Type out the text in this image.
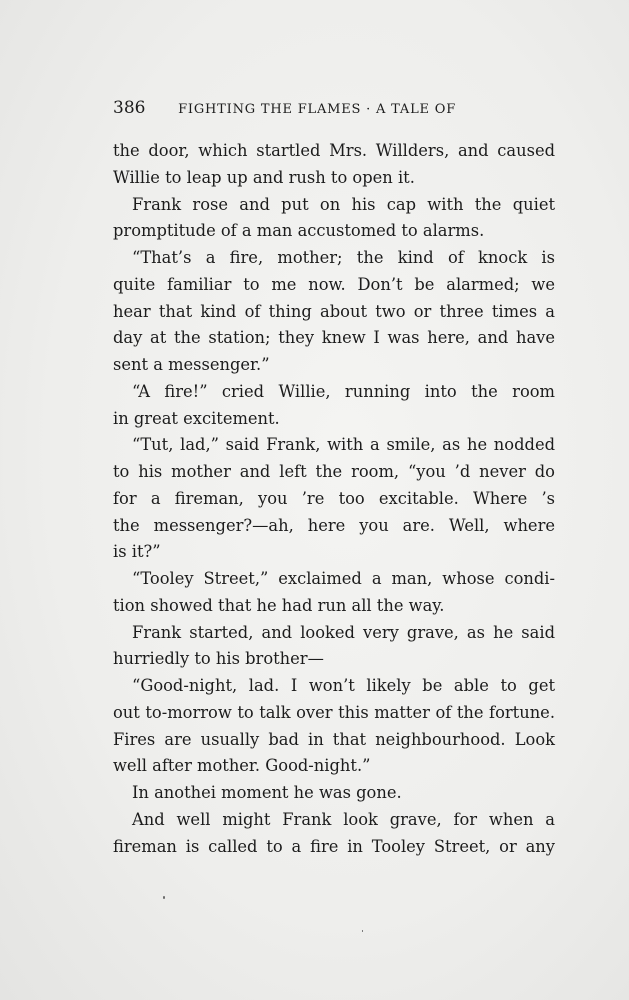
386	FIGHTING THE FLAMES · A TALE OF
the door, which startled Mrs. Willders, and caused
Willie to leap up and rush to open it.
Frank rose and put on his cap with the quiet
promptitude of a man accustomed to alarms.
“That’s a fire, mother; the kind of knock is
quite familiar to me now. Don’t be alarmed; we
hear that kind of thing about two or three times a
day at the station; they knew I was here, and have
sent a messenger.”
“A fire!” cried Willie, running into the room
in great excitement.
“Tut, lad,” said Frank, with a smile, as he nodded
to his mother and left the room, “you ’d never do
for a fireman, you ’re too excitable. Where ’s
the messenger?—ah, here you are. Well, where
is it?”
“Tooley Street,” exclaimed a man, whose condi-
tion showed that he had run all the way.
Frank started, and looked very grave, as he said
hurriedly to his brother—
“Good-night, lad. I won’t likely be able to get
out to-morrow to talk over this matter of the fortune.
Fires are usually bad in that neighbourhood. Look
well after mother. Good-night.”
In anothei moment he was gone.
And well might Frank look grave, for when a
fireman is called to a fire in Tooley Street, or any
